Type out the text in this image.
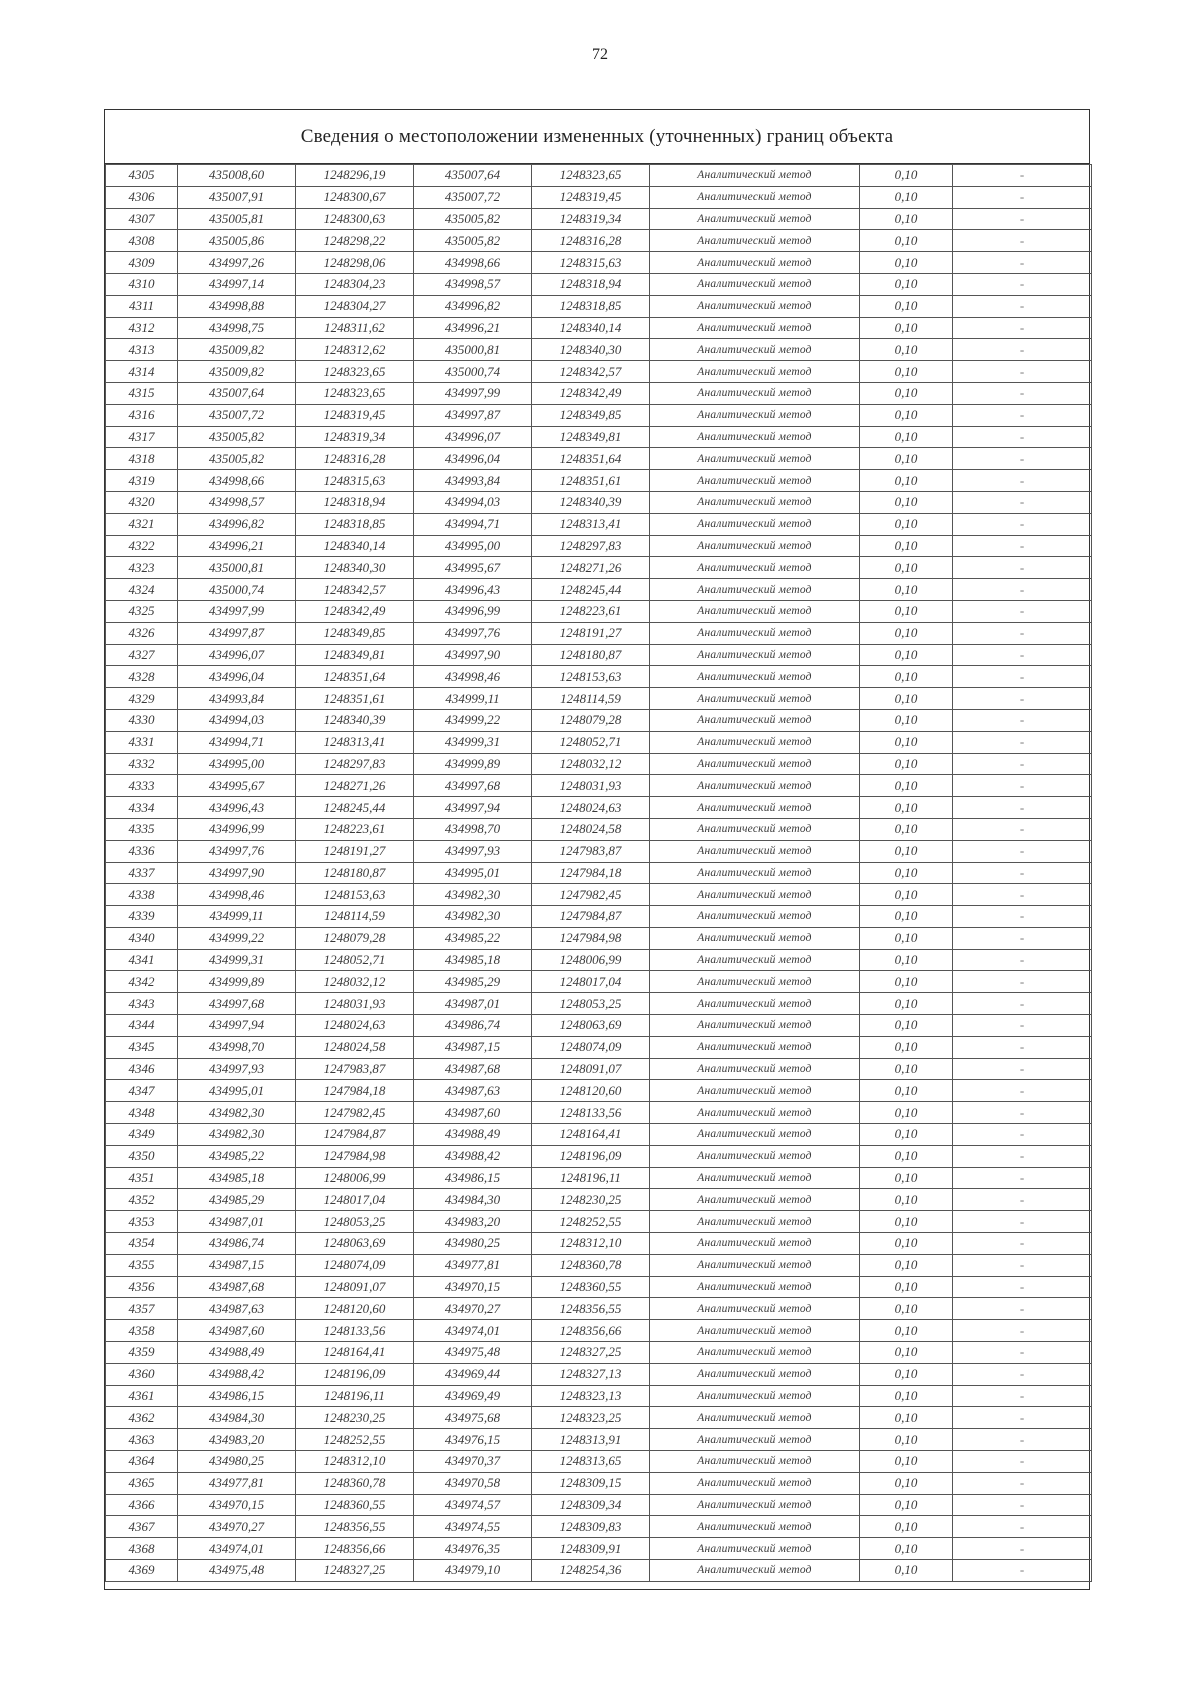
72
Сведения о местоположении измененных (уточненных) границ объекта
4305	435008,60	1248296,19	435007,64	1248323,65	Аналитический метод	0,10	-
4306	435007,91	1248300,67	435007,72	1248319,45	Аналитический метод	0,10	-
4307	435005,81	1248300,63	435005,82	1248319,34	Аналитический метод	0,10	-
4308	435005,86	1248298,22	435005,82	1248316,28	Аналитический метод	0,10	-
4309	434997,26	1248298,06	434998,66	1248315,63	Аналитический метод	0,10	-
4310	434997,14	1248304,23	434998,57	1248318,94	Аналитический метод	0,10	-
4311	434998,88	1248304,27	434996,82	1248318,85	Аналитический метод	0,10	-
4312	434998,75	1248311,62	434996,21	1248340,14	Аналитический метод	0,10	-
4313	435009,82	1248312,62	435000,81	1248340,30	Аналитический метод	0,10	-
4314	435009,82	1248323,65	435000,74	1248342,57	Аналитический метод	0,10	-
4315	435007,64	1248323,65	434997,99	1248342,49	Аналитический метод	0,10	-
4316	435007,72	1248319,45	434997,87	1248349,85	Аналитический метод	0,10	-
4317	435005,82	1248319,34	434996,07	1248349,81	Аналитический метод	0,10	-
4318	435005,82	1248316,28	434996,04	1248351,64	Аналитический метод	0,10	-
4319	434998,66	1248315,63	434993,84	1248351,61	Аналитический метод	0,10	-
4320	434998,57	1248318,94	434994,03	1248340,39	Аналитический метод	0,10	-
4321	434996,82	1248318,85	434994,71	1248313,41	Аналитический метод	0,10	-
4322	434996,21	1248340,14	434995,00	1248297,83	Аналитический метод	0,10	-
4323	435000,81	1248340,30	434995,67	1248271,26	Аналитический метод	0,10	-
4324	435000,74	1248342,57	434996,43	1248245,44	Аналитический метод	0,10	-
4325	434997,99	1248342,49	434996,99	1248223,61	Аналитический метод	0,10	-
4326	434997,87	1248349,85	434997,76	1248191,27	Аналитический метод	0,10	-
4327	434996,07	1248349,81	434997,90	1248180,87	Аналитический метод	0,10	-
4328	434996,04	1248351,64	434998,46	1248153,63	Аналитический метод	0,10	-
4329	434993,84	1248351,61	434999,11	1248114,59	Аналитический метод	0,10	-
4330	434994,03	1248340,39	434999,22	1248079,28	Аналитический метод	0,10	-
4331	434994,71	1248313,41	434999,31	1248052,71	Аналитический метод	0,10	-
4332	434995,00	1248297,83	434999,89	1248032,12	Аналитический метод	0,10	-
4333	434995,67	1248271,26	434997,68	1248031,93	Аналитический метод	0,10	-
4334	434996,43	1248245,44	434997,94	1248024,63	Аналитический метод	0,10	-
4335	434996,99	1248223,61	434998,70	1248024,58	Аналитический метод	0,10	-
4336	434997,76	1248191,27	434997,93	1247983,87	Аналитический метод	0,10	-
4337	434997,90	1248180,87	434995,01	1247984,18	Аналитический метод	0,10	-
4338	434998,46	1248153,63	434982,30	1247982,45	Аналитический метод	0,10	-
4339	434999,11	1248114,59	434982,30	1247984,87	Аналитический метод	0,10	-
4340	434999,22	1248079,28	434985,22	1247984,98	Аналитический метод	0,10	-
4341	434999,31	1248052,71	434985,18	1248006,99	Аналитический метод	0,10	-
4342	434999,89	1248032,12	434985,29	1248017,04	Аналитический метод	0,10	-
4343	434997,68	1248031,93	434987,01	1248053,25	Аналитический метод	0,10	-
4344	434997,94	1248024,63	434986,74	1248063,69	Аналитический метод	0,10	-
4345	434998,70	1248024,58	434987,15	1248074,09	Аналитический метод	0,10	-
4346	434997,93	1247983,87	434987,68	1248091,07	Аналитический метод	0,10	-
4347	434995,01	1247984,18	434987,63	1248120,60	Аналитический метод	0,10	-
4348	434982,30	1247982,45	434987,60	1248133,56	Аналитический метод	0,10	-
4349	434982,30	1247984,87	434988,49	1248164,41	Аналитический метод	0,10	-
4350	434985,22	1247984,98	434988,42	1248196,09	Аналитический метод	0,10	-
4351	434985,18	1248006,99	434986,15	1248196,11	Аналитический метод	0,10	-
4352	434985,29	1248017,04	434984,30	1248230,25	Аналитический метод	0,10	-
4353	434987,01	1248053,25	434983,20	1248252,55	Аналитический метод	0,10	-
4354	434986,74	1248063,69	434980,25	1248312,10	Аналитический метод	0,10	-
4355	434987,15	1248074,09	434977,81	1248360,78	Аналитический метод	0,10	-
4356	434987,68	1248091,07	434970,15	1248360,55	Аналитический метод	0,10	-
4357	434987,63	1248120,60	434970,27	1248356,55	Аналитический метод	0,10	-
4358	434987,60	1248133,56	434974,01	1248356,66	Аналитический метод	0,10	-
4359	434988,49	1248164,41	434975,48	1248327,25	Аналитический метод	0,10	-
4360	434988,42	1248196,09	434969,44	1248327,13	Аналитический метод	0,10	-
4361	434986,15	1248196,11	434969,49	1248323,13	Аналитический метод	0,10	-
4362	434984,30	1248230,25	434975,68	1248323,25	Аналитический метод	0,10	-
4363	434983,20	1248252,55	434976,15	1248313,91	Аналитический метод	0,10	-
4364	434980,25	1248312,10	434970,37	1248313,65	Аналитический метод	0,10	-
4365	434977,81	1248360,78	434970,58	1248309,15	Аналитический метод	0,10	-
4366	434970,15	1248360,55	434974,57	1248309,34	Аналитический метод	0,10	-
4367	434970,27	1248356,55	434974,55	1248309,83	Аналитический метод	0,10	-
4368	434974,01	1248356,66	434976,35	1248309,91	Аналитический метод	0,10	-
4369	434975,48	1248327,25	434979,10	1248254,36	Аналитический метод	0,10	-
